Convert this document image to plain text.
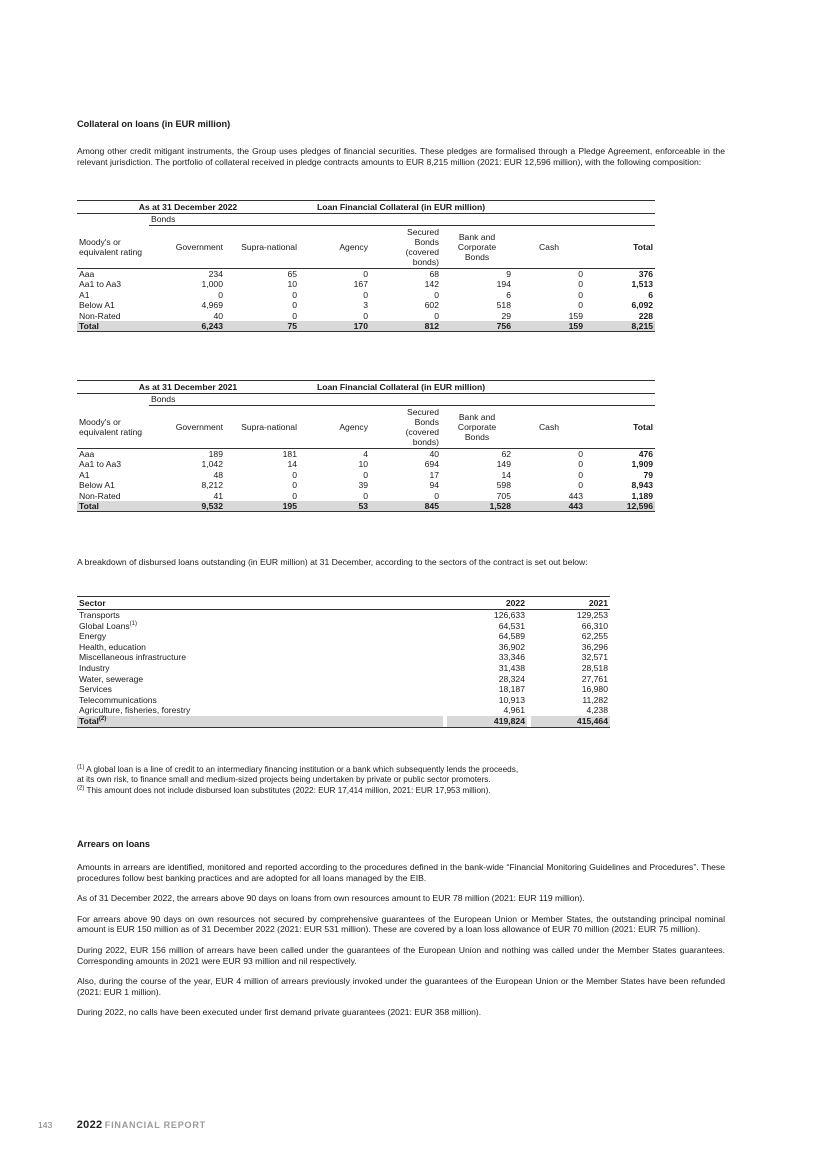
Collateral on loans (in EUR million)

Among other credit mitigant instruments, the Group uses pledges of financial securities. These pledges are formalised through a Pledge Agreement, enforceable in the relevant jurisdiction. The portfolio of collateral received in pledge contracts amounts to EUR 8,215 million (2021: EUR 12,596 million), with the following composition:

As at 31 December 2022			Loan Financial Collateral (in EUR million)				
	Bonds						
Moody's or equivalent rating	Government	Supra-national	Agency	Secured Bonds (covered bonds)	Bank and Corporate Bonds	Cash	Total
Aaa	234	65	0	68	9	0	376
Aa1 to Aa3	1,000	10	167	142	194	0	1,513
A1	0	0	0	0	6	0	6
Below A1	4,969	0	3	602	518	0	6,092
Non-Rated	40	0	0	0	29	159	228
Total	6,243	75	170	812	756	159	8,215
As at 31 December 2021			Loan Financial Collateral (in EUR million)				
	Bonds						
Moody's or equivalent rating	Government	Supra-national	Agency	Secured Bonds (covered bonds)	Bank and Corporate Bonds	Cash	Total
Aaa	189	181	4	40	62	0	476
Aa1 to Aa3	1,042	14	10	694	149	0	1,909
A1	48	0	0	17	14	0	79
Below A1	8,212	0	39	94	598	0	8,943
Non-Rated	41	0	0	0	705	443	1,189
Total	9,532	195	53	845	1,528	443	12,596

A breakdown of disbursed loans outstanding (in EUR million) at 31 December, according to the sectors of the contract is set out below:

Sector		2022		2021
Transports		126,633		129,253
Global Loans$^{(1)}$		64,531		66,310
Energy		64,589		62,255
Health, education		36,902		36,296
Miscellaneous infrastructure		33,346		32,571
Industry		31,438		28,518
Water, sewerage		28,324		27,761
Services		18,187		16,980
Telecommunications		10,913		11,282
Agriculture, fisheries, forestry		4,961		4,238
Total$^{(2)}$		419,824		415,464
$^{(1)}$ A global loan is a line of credit to an intermediary financing institution or a bank which subsequently lends the proceeds,
at its own risk, to finance small and medium-sized projects being undertaken by private or public sector promoters.
$^{(2)}$ This amount does not include disbursed loan substitutes (2022: EUR 17,414 million, 2021: EUR 17,953 million).
Arrears on loans

Amounts in arrears are identified, monitored and reported according to the procedures defined in the bank-wide “Financial Monitoring Guidelines and Procedures”. These procedures follow best banking practices and are adopted for all loans managed by the EIB.

As of 31 December 2022, the arrears above 90 days on loans from own resources amount to EUR 78 million (2021: EUR 119 million).

For arrears above 90 days on own resources not secured by comprehensive guarantees of the European Union or Member States, the outstanding principal nominal amount is EUR 150 million as of 31 December 2022 (2021: EUR 531 million). These are covered by a loan loss allowance of EUR 70 million (2021: EUR 75 million).

During 2022, EUR 156 million of arrears have been called under the guarantees of the European Union and nothing was called under the Member States guarantees. Corresponding amounts in 2021 were EUR 93 million and nil respectively.

Also, during the course of the year, EUR 4 million of arrears previously invoked under the guarantees of the European Union or the Member States have been refunded (2021: EUR 1 million).

During 2022, no calls have been executed under first demand private guarantees (2021: EUR 358 million).

143 2022 FINANCIAL REPORT
